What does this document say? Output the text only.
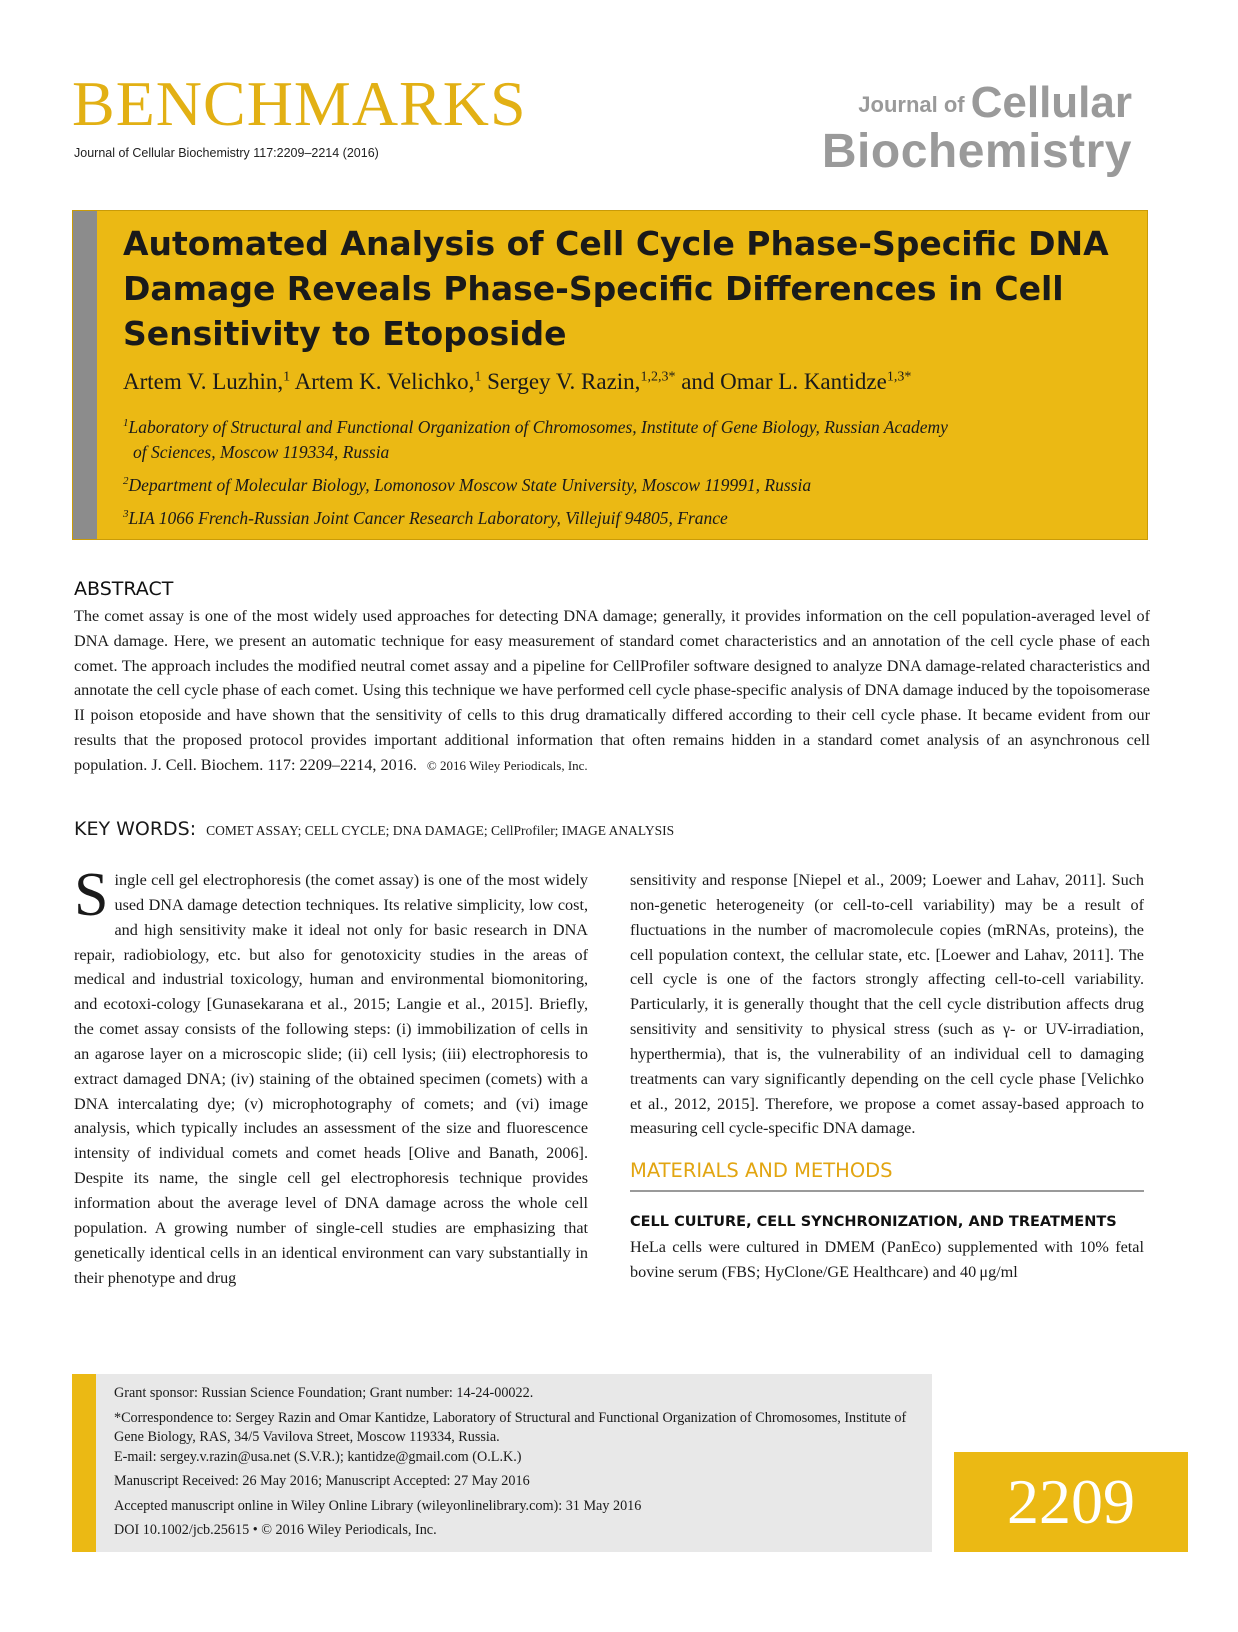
BENCHMARKS
Journal of Cellular Biochemistry 117:2209–2214 (2016)
Journal of Cellular
Biochemistry
Automated Analysis of Cell Cycle Phase-Specific DNA Damage Reveals Phase-Specific Differences in Cell Sensitivity to Etoposide
Artem V. Luzhin,$^1$ Artem K. Velichko,$^1$ Sergey V. Razin,$^{1,2,3*}$ and Omar L. Kantidze$^{1,3*}$
$^1$Laboratory of Structural and Functional Organization of Chromosomes, Institute of Gene Biology, Russian Academy
of Sciences, Moscow 119334, Russia
$^2$Department of Molecular Biology, Lomonosov Moscow State University, Moscow 119991, Russia
$^3$LIA 1066 French-Russian Joint Cancer Research Laboratory, Villejuif 94805, France
ABSTRACT
The comet assay is one of the most widely used approaches for detecting DNA damage; generally, it provides information on the cell population-averaged level of DNA damage. Here, we present an automatic technique for easy measurement of standard comet characteristics and an annotation of the cell cycle phase of each comet. The approach includes the modified neutral comet assay and a pipeline for CellProfiler software designed to analyze DNA damage-related characteristics and annotate the cell cycle phase of each comet. Using this technique we have performed cell cycle phase-specific analysis of DNA damage induced by the topoisomerase II poison etoposide and have shown that the sensitivity of cells to this drug dramatically differed according to their cell cycle phase. It became evident from our results that the proposed protocol provides important additional information that often remains hidden in a standard comet analysis of an asynchronous cell population. J. Cell. Biochem. 117: 2209–2214, 2016. © 2016 Wiley Periodicals, Inc.
KEY WORDS: COMET ASSAY; CELL CYCLE; DNA DAMAGE; CellProfiler; IMAGE ANALYSIS
Single cell gel electrophoresis (the comet assay) is one of the most widely used DNA damage detection techniques. Its relative simplicity, low cost, and high sensitivity make it ideal not only for basic research in DNA repair, radiobiology, etc. but also for genotoxicity studies in the areas of medical and industrial toxicology, human and environmental biomonitoring, and ecotoxi-cology [Gunasekarana et al., 2015; Langie et al., 2015]. Briefly, the comet assay consists of the following steps: (i) immobilization of cells in an agarose layer on a microscopic slide; (ii) cell lysis; (iii) electrophoresis to extract damaged DNA; (iv) staining of the obtained specimen (comets) with a DNA intercalating dye; (v) microphotography of comets; and (vi) image analysis, which typically includes an assessment of the size and fluorescence intensity of individual comets and comet heads [Olive and Banath, 2006]. Despite its name, the single cell gel electrophoresis technique provides information about the average level of DNA damage across the whole cell population. A growing number of single-cell studies are emphasizing that genetically identical cells in an identical environment can vary substantially in their phenotype and drug
sensitivity and response [Niepel et al., 2009; Loewer and Lahav, 2011]. Such non-genetic heterogeneity (or cell-to-cell variability) may be a result of fluctuations in the number of macromolecule copies (mRNAs, proteins), the cell population context, the cellular state, etc. [Loewer and Lahav, 2011]. The cell cycle is one of the factors strongly affecting cell-to-cell variability. Particularly, it is generally thought that the cell cycle distribution affects drug sensitivity and sensitivity to physical stress (such as γ- or UV-irradiation, hyperthermia), that is, the vulnerability of an individual cell to damaging treatments can vary significantly depending on the cell cycle phase [Velichko et al., 2012, 2015]. Therefore, we propose a comet assay-based approach to measuring cell cycle-specific DNA damage.
MATERIALS AND METHODS
CELL CULTURE, CELL SYNCHRONIZATION, AND TREATMENTS
HeLa cells were cultured in DMEM (PanEco) supplemented with 10% fetal bovine serum (FBS; HyClone/GE Healthcare) and 40 μg/ml

Grant sponsor: Russian Science Foundation; Grant number: 14-24-00022.

*Correspondence to: Sergey Razin and Omar Kantidze, Laboratory of Structural and Functional Organization of Chromosomes, Institute of Gene Biology, RAS, 34/5 Vavilova Street, Moscow 119334, Russia.

E-mail: sergey.v.razin@usa.net (S.V.R.); kantidze@gmail.com (O.L.K.)

Manuscript Received: 26 May 2016; Manuscript Accepted: 27 May 2016

Accepted manuscript online in Wiley Online Library (wileyonlinelibrary.com): 31 May 2016

DOI 10.1002/jcb.25615 • © 2016 Wiley Periodicals, Inc.	2209
